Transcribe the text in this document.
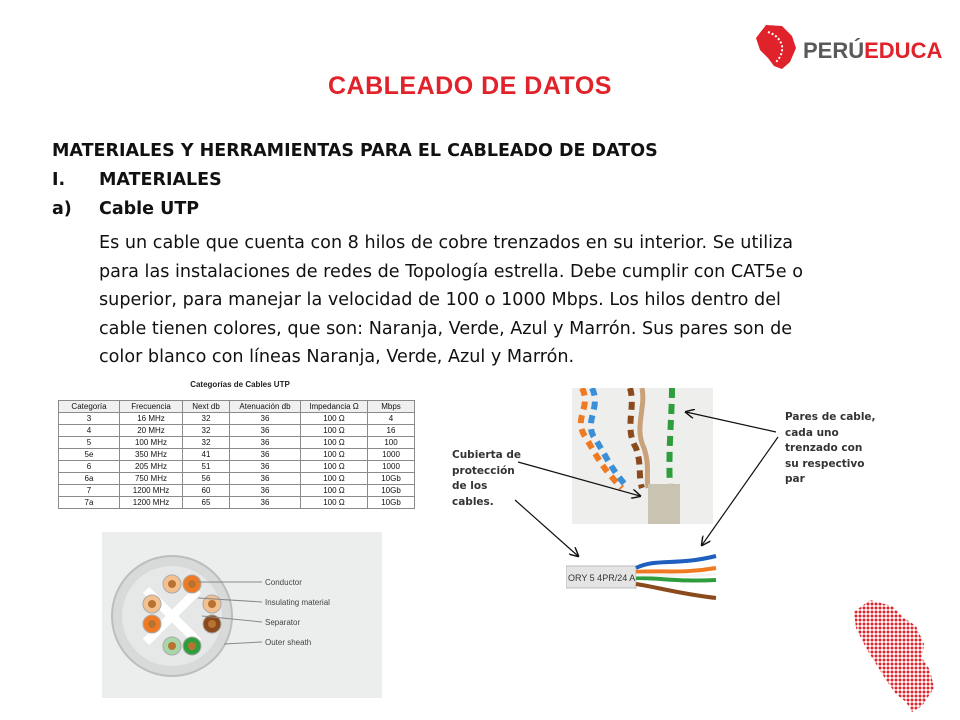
PERÚEDUCA
CABLEADO DE DATOS
MATERIALES Y HERRAMIENTAS PARA EL CABLEADO DE DATOS
I. MATERIALES
a) Cable UTP
Es un cable que cuenta con 8 hilos de cobre trenzados en su interior. Se utiliza
para las instalaciones de redes de Topología estrella. Debe cumplir con CAT5e o
superior, para manejar la velocidad de 100 o 1000 Mbps. Los hilos dentro del
cable tienen colores, que son: Naranja, Verde, Azul y Marrón. Sus pares son de
color blanco con líneas Naranja, Verde, Azul y Marrón.
Categorías de Cables UTP
Categoría	Frecuencia	Next db	Atenuación db	Impedancia Ω	Mbps
3	16 MHz	32	36	100 Ω	4
4	20 MHz	32	36	100 Ω	16
5	100 MHz	32	36	100 Ω	100
5e	350 MHz	41	36	100 Ω	1000
6	205 MHz	51	36	100 Ω	1000
6a	750 MHz	56	36	100 Ω	10Gb
7	1200 MHz	60	36	100 Ω	10Gb
7a	1200 MHz	65	36	100 Ω	10Gb
Conductor
Insulating material
Separator
Outer sheath
ORY 5 4PR/24 A
Cubierta de
protección
de los
cables.
Pares de cable,
cada uno
trenzado con
su respectivo
par
